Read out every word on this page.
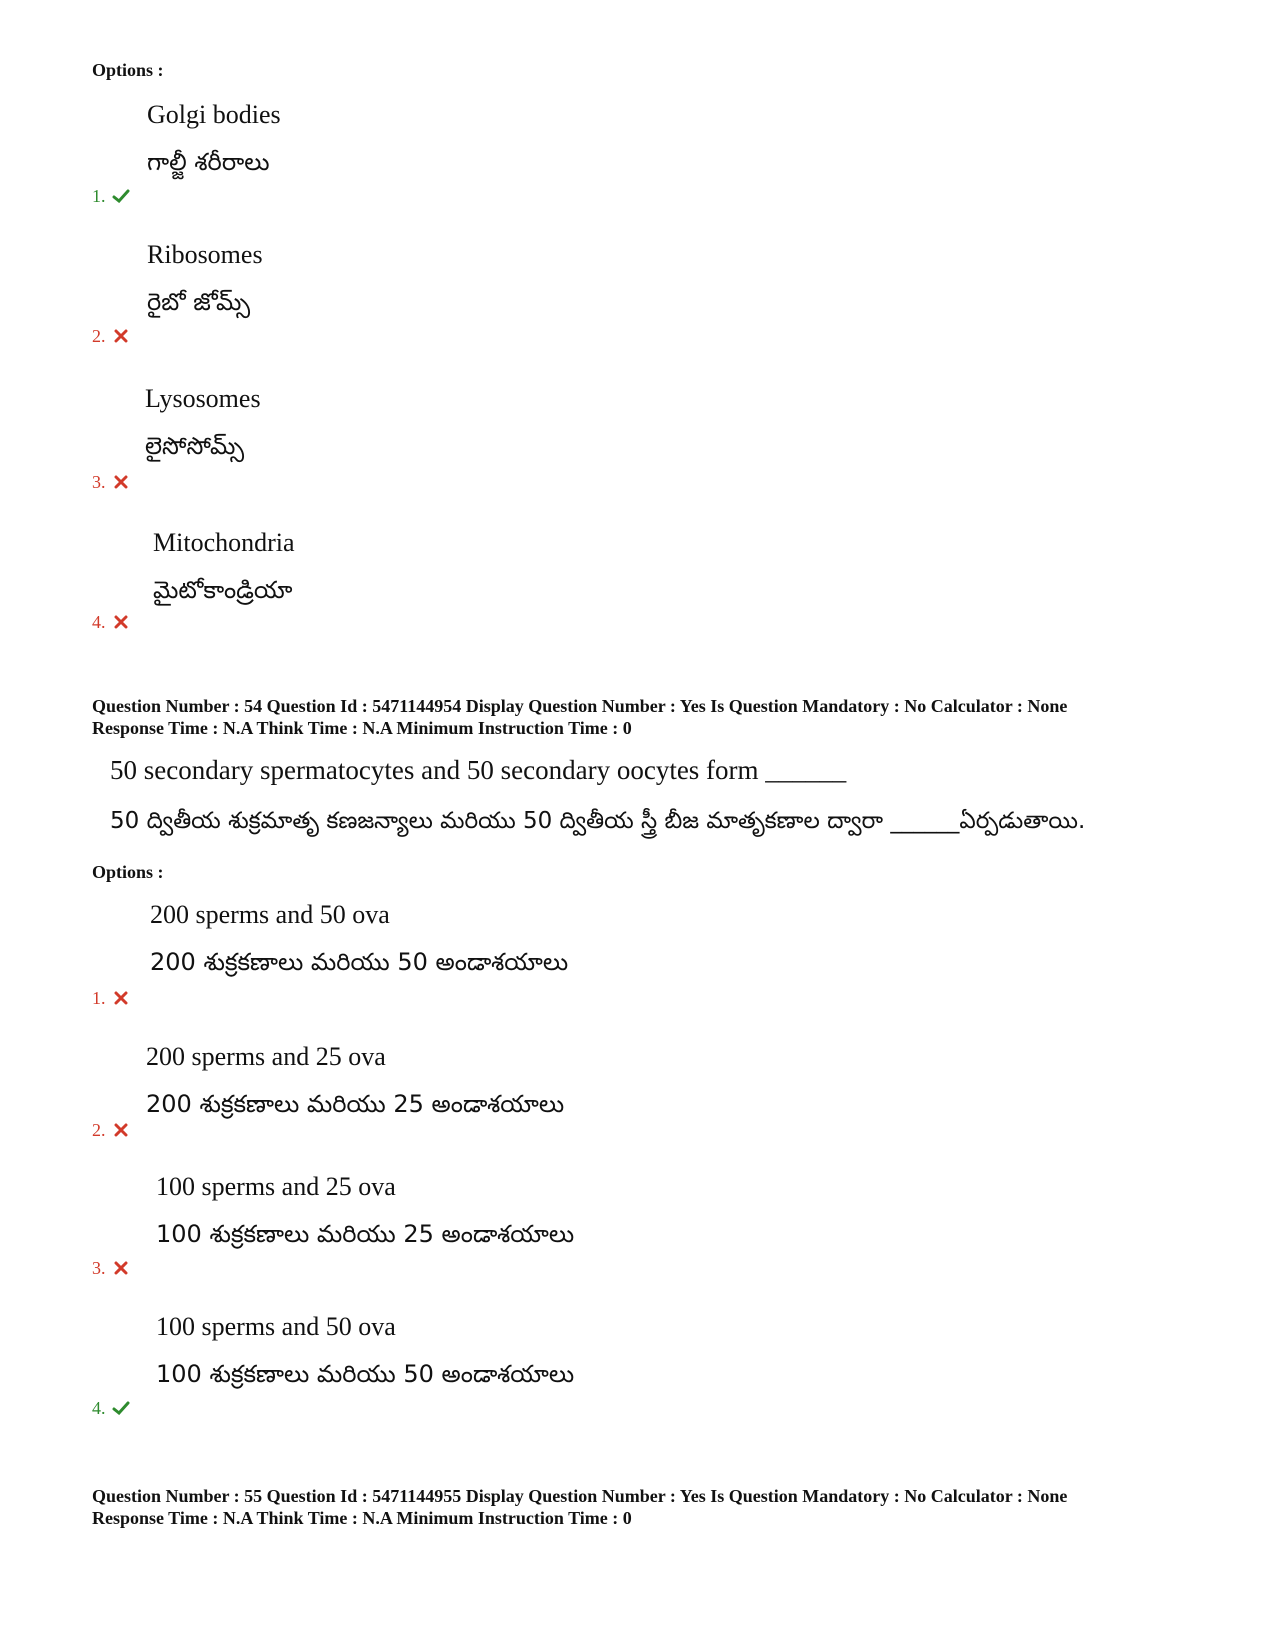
Options :
Golgi bodies
గాల్జీ శరీరాలు
1.
Ribosomes
రైబో జోమ్స్
2.
Lysosomes
లైసోసోమ్స్
3.
Mitochondria
మైటోకాండ్రియా
4.
Question Number : 54 Question Id : 5471144954 Display Question Number : Yes Is Question Mandatory : No Calculator : None
Response Time : N.A Think Time : N.A Minimum Instruction Time : 0
50 secondary spermatocytes and 50 secondary oocytes form ______
50 ద్వితీయ శుక్రమాతృ కణజన్యాలు మరియు 50 ద్వితీయ స్త్రీ బీజ మాతృకణాల ద్వారా ______ఏర్పడుతాయి.
Options :
200 sperms and 50 ova
200 శుక్రకణాలు మరియు 50 అండాశయాలు
1.
200 sperms and 25 ova
200 శుక్రకణాలు మరియు 25 అండాశయాలు
2.
100 sperms and 25 ova
100 శుక్రకణాలు మరియు 25 అండాశయాలు
3.
100 sperms and 50 ova
100 శుక్రకణాలు మరియు 50 అండాశయాలు
4.
Question Number : 55 Question Id : 5471144955 Display Question Number : Yes Is Question Mandatory : No Calculator : None
Response Time : N.A Think Time : N.A Minimum Instruction Time : 0
